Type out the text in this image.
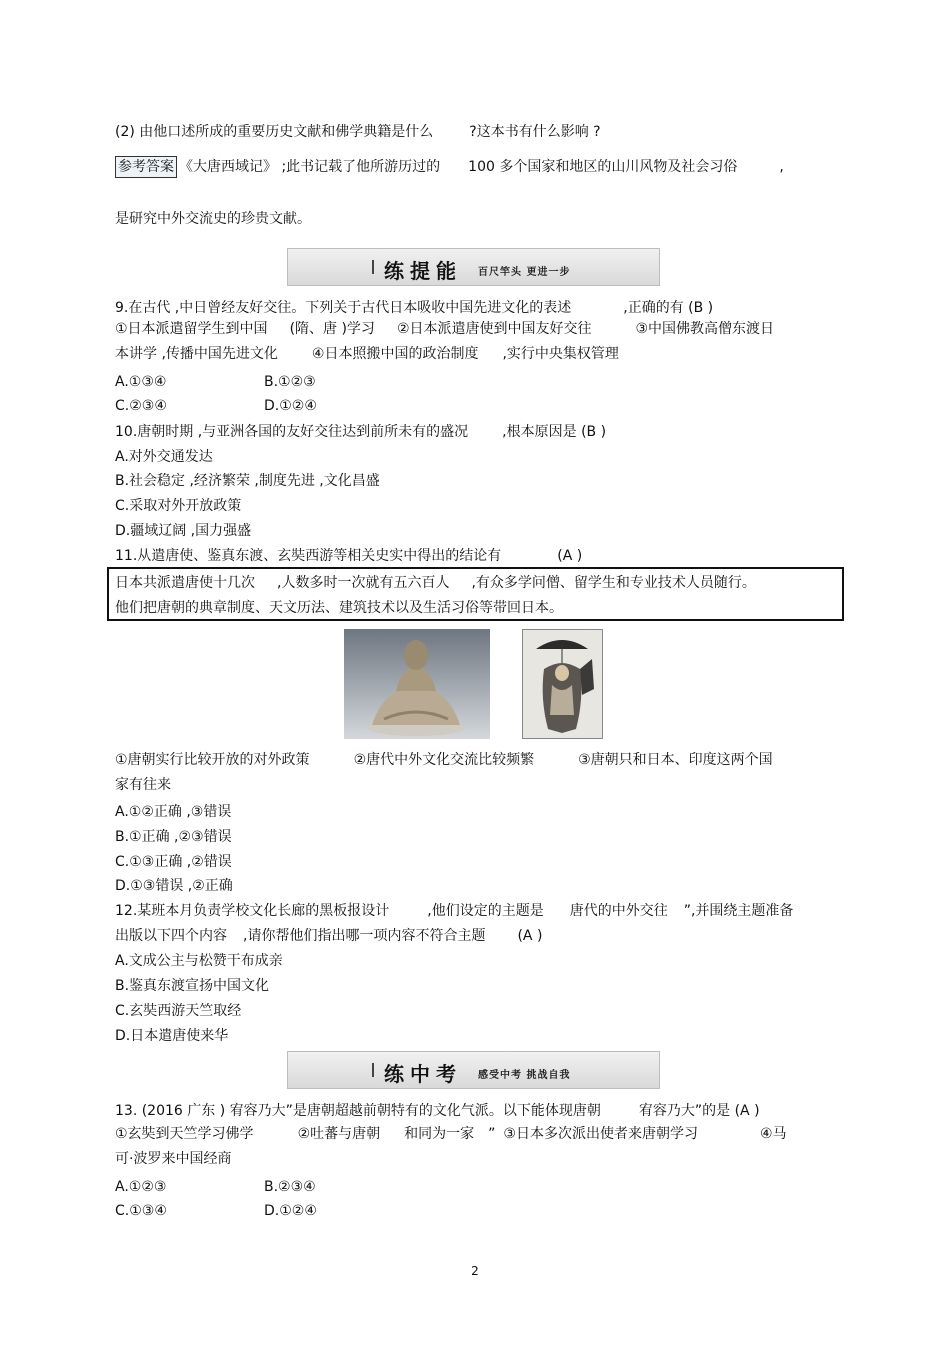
(2) 由他口述所成的重要历史文献和佛学典籍是什么	?这本书有什么影响 ?
参考答案 《大唐西域记》 ;此书记载了他所游历过的 100 多个国家和地区的山川风物及社会习俗	,
是研究中外交流史的珍贵文献。
练提能 百尺竿头 更进一步
9.在古代 ,中日曾经友好交往。下列关于古代日本吸收中国先进文化的表述	,正确的有 (B )
①日本派遣留学生到中国 (隋、唐 )学习 ②日本派遣唐使到中国友好交往	③中国佛教高僧东渡日
本讲学 ,传播中国先进文化 ④日本照搬中国的政治制度 ,实行中央集权管理
A.①③④	B.①②③
C.②③④	D.①②④
10.唐朝时期 ,与亚洲各国的友好交往达到前所未有的盛况 ,根本原因是 (B )
A.对外交通发达
B.社会稳定 ,经济繁荣 ,制度先进 ,文化昌盛
C.采取对外开放政策
D.疆域辽阔 ,国力强盛
11.从遣唐使、鉴真东渡、玄奘西游等相关史实中得出的结论有	(A )
日本共派遣唐使十几次 ,人数多时一次就有五六百人 ,有众多学问僧、留学生和专业技术人员随行。
他们把唐朝的典章制度、天文历法、建筑技术以及生活习俗等带回日本。
①唐朝实行比较开放的对外政策	②唐代中外文化交流比较频繁	③唐朝只和日本、印度这两个国
家有往来
A.①②正确 ,③错误
B.①正确 ,②③错误
C.①③正确 ,②错误
D.①③错误 ,②正确
12.某班本月负责学校文化长廊的黑板报设计	,他们设定的主题是 唐代的中外交往 ”,并围绕主题准备
出版以下四个内容 ,请你帮他们指出哪一项内容不符合主题 (A )
A.文成公主与松赞干布成亲
B.鉴真东渡宣扬中国文化
C.玄奘西游天竺取经
D.日本遣唐使来华
练中考 感受中考 挑战自我
13. (2016 广东 ) 宥容乃大”是唐朝超越前朝特有的文化气派。以下能体现唐朝	宥容乃大”的是 (A )
①玄奘到天竺学习佛学	②吐蕃与唐朝 和同为一家 ” ③日本多次派出使者来唐朝学习	④马
可·波罗来中国经商
A.①②③	B.②③④
C.①③④	D.①②④
2
